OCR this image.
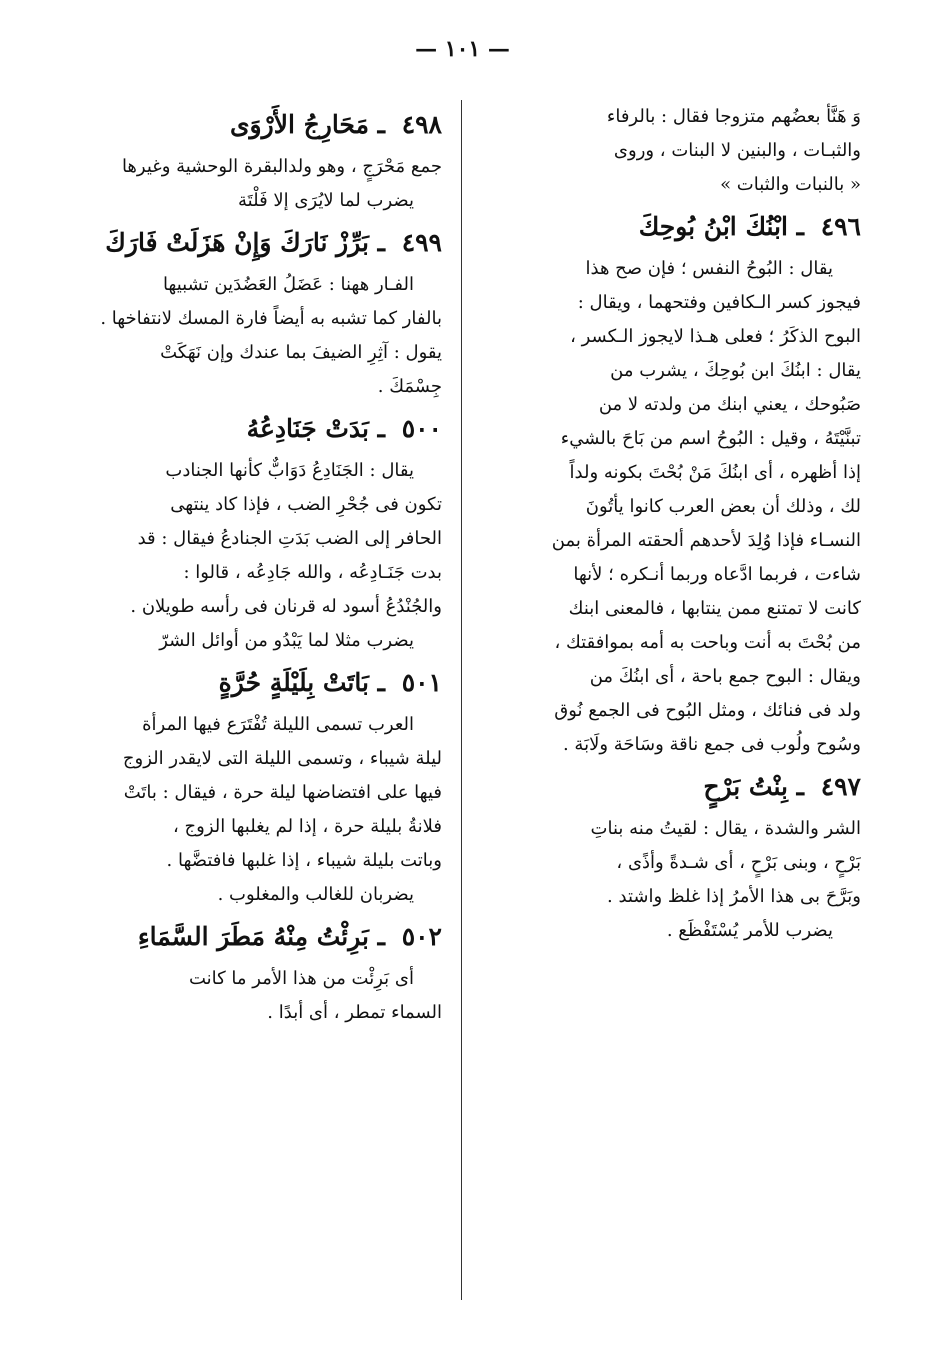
— ١٠١ —

وَ هَنَّأ بعضُهم متزوجا فقال : بالرفاء

والثبـات ، والبنين لا البنات ، وروى

« بالنبات والثبات »

٤٩٦ ـ ابْنُكَ ابْنُ بُوحِكَ

يقال : البُوحُ النفس ؛ فإن صح هذا

فيجوز كسر الـكافين وفتحهما ، ويقال :

البوح الذكَرُ ؛ فعلى هـذا لايجوز الـكسر ،

يقال : ابنُكَ ابن بُوحِكَ ، يشرب من

صَبُوحك ، يعني ابنك من ولدته لا من

تبنَّيْتَهُ ، وقيل : البُوحُ اسم من بَاحَ بالشيء

إذا أظهره ، أى ابنُكَ مَنْ بُحْتَ بكونه ولداً

لك ، وذلك أن بعض العرب كانوا يأتُونَ

النسـاء فإذا وُلِدَ لأحدهم ألحقته المرأة بمن

شاءت ، فربما ادَّعاه وربما أنـكره ؛ لأنها

كانت لا تمتنع ممن ينتابها ، فالمعنى ابنك

من بُحْتَ به أنت وباحت به أمه بموافقتك ،

ويقال : البوح جمع باحة ، أى ابنُكَ من

ولد فى فنائك ، ومثل البُوح فى الجمع نُوق

وسُوح ولُوب فى جمع ناقة وسَاحَة ولَابَة .

٤٩٧ ـ بِنْتُ بَرْحٍ

الشر والشدة ، يقال : لقيتُ منه بناتِ

بَرْحٍ ، وبنى بَرْحٍ ، أى شـدةً وأذًى ،

وبَرَّحَ بى هذا الأمرُ إذا غلظ واشتد .

يضرب للأمر يُسْتَفْظَع .

٤٩٨ ـ مَحَارِجُ الأَرْوَى

جمع مَحْرَجٍ ، وهو ولدالبقرة الوحشية وغيرها

يضرب لما لايُرَى إلا فَلْتَة

٤٩٩ ـ بَرِّزْ نَارَكَ وَإِنْ هَزَلَتْ فَارَكَ

الفـار ههنا : عَضَلُ العَضُدَين تشبيها

بالفار كما تشبه به أيضاً فارة المسك لانتفاخها .

يقول : آثِرِ الضيفَ بما عندك وإن نَهَكَتْ

جِسْمَكَ .

٥٠٠ ـ بَدَتْ جَنَادِعُهُ

يقال : الجَنَادِعُ دَوَابٌّ كأنها الجنادب

تكون فى جُحْرِ الضب ، فإذا كاد ينتهى

الحافر إلى الضب بَدَتِ الجنادعُ فيقال : قد

بدت جَنَـادِعُه ، والله جَادِعُه ، قالوا :

والجُنْدُعُ أسود له قرنان فى رأسه طويلان .

يضرب مثلا لما يَبْدُو من أوائل الشرّ

٥٠١ ـ بَاتَتْ بِلَيْلَةٍ حُرَّةٍ

العرب تسمى الليلة تُفْتَرَع فيها المرأة

ليلة شيباء ، وتسمى الليلة التى لايقدر الزوج

فيها على افتضاضها ليلة حرة ، فيقال : باتَتْ

فلانةُ بليلة حرة ، إذا لم يغلبها الزوج ،

وباتت بليلة شيباء ، إذا غلبها فافتضَّها .

يضربان للغالب والمغلوب .

٥٠٢ ـ بَرِئْتُ مِنْهُ مَطَرَ السَّمَاءِ

أى بَرِئْت من هذا الأمر ما كانت

السماء تمطر ، أى أبدًا .
